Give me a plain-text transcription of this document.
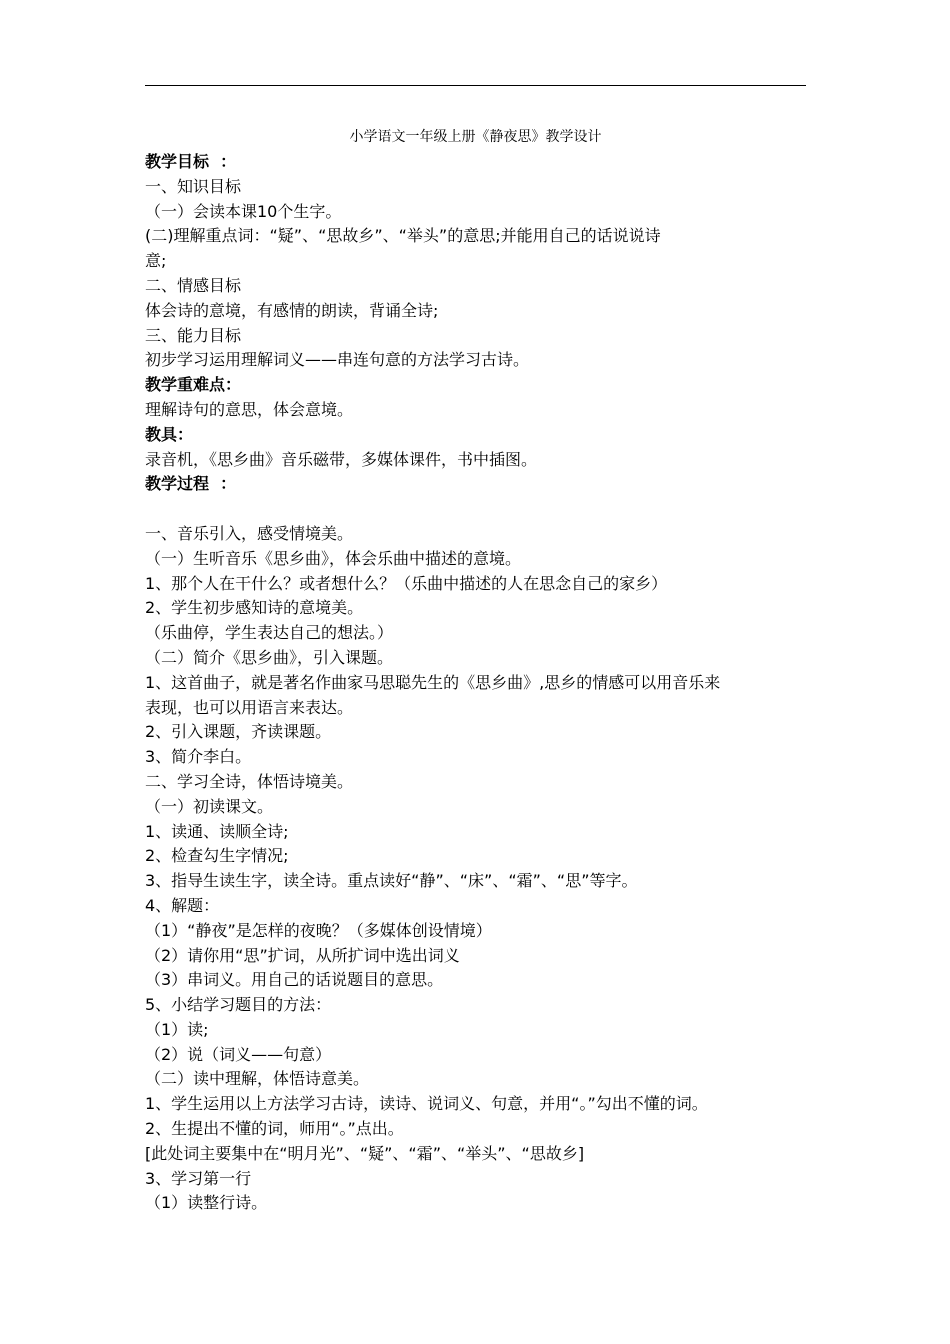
小学语文一年级上册《静夜思》教学设计
教学目标  ：
一、知识目标
（一）会读本课10个生字。
(二)理解重点词：“疑”、“思故乡”、“举头”的意思;并能用自己的话说说诗
意;
二、情感目标
体会诗的意境，有感情的朗读，背诵全诗;
三、能力目标
初步学习运用理解词义——串连句意的方法学习古诗。
教学重难点：
理解诗句的意思，体会意境。
教具：
录音机，《思乡曲》音乐磁带，多媒体课件，书中插图。
教学过程  ：
一、音乐引入，感受情境美。
（一）生听音乐《思乡曲》，体会乐曲中描述的意境。
1、那个人在干什么？或者想什么？（乐曲中描述的人在思念自己的家乡）
2、学生初步感知诗的意境美。
（乐曲停，学生表达自己的想法。）
（二）简介《思乡曲》，引入课题。
1、这首曲子，就是著名作曲家马思聪先生的《思乡曲》,思乡的情感可以用音乐来
表现，也可以用语言来表达。
2、引入课题，齐读课题。
3、简介李白。
二、学习全诗，体悟诗境美。
（一）初读课文。
1、读通、读顺全诗;
2、检查勾生字情况;
3、指导生读生字，读全诗。重点读好“静”、“床”、“霜”、“思”等字。
4、解题：
（1）“静夜”是怎样的夜晚？（多媒体创设情境）
（2）请你用“思”扩词，从所扩词中选出词义
（3）串词义。用自己的话说题目的意思。
5、小结学习题目的方法：
（1）读;
（2）说（词义——句意）
（二）读中理解，体悟诗意美。
1、学生运用以上方法学习古诗，读诗、说词义、句意，并用“。”勾出不懂的词。
2、生提出不懂的词，师用“。”点出。
[此处词主要集中在“明月光”、“疑”、“霜”、“举头”、“思故乡]
3、学习第一行
（1）读整行诗。
